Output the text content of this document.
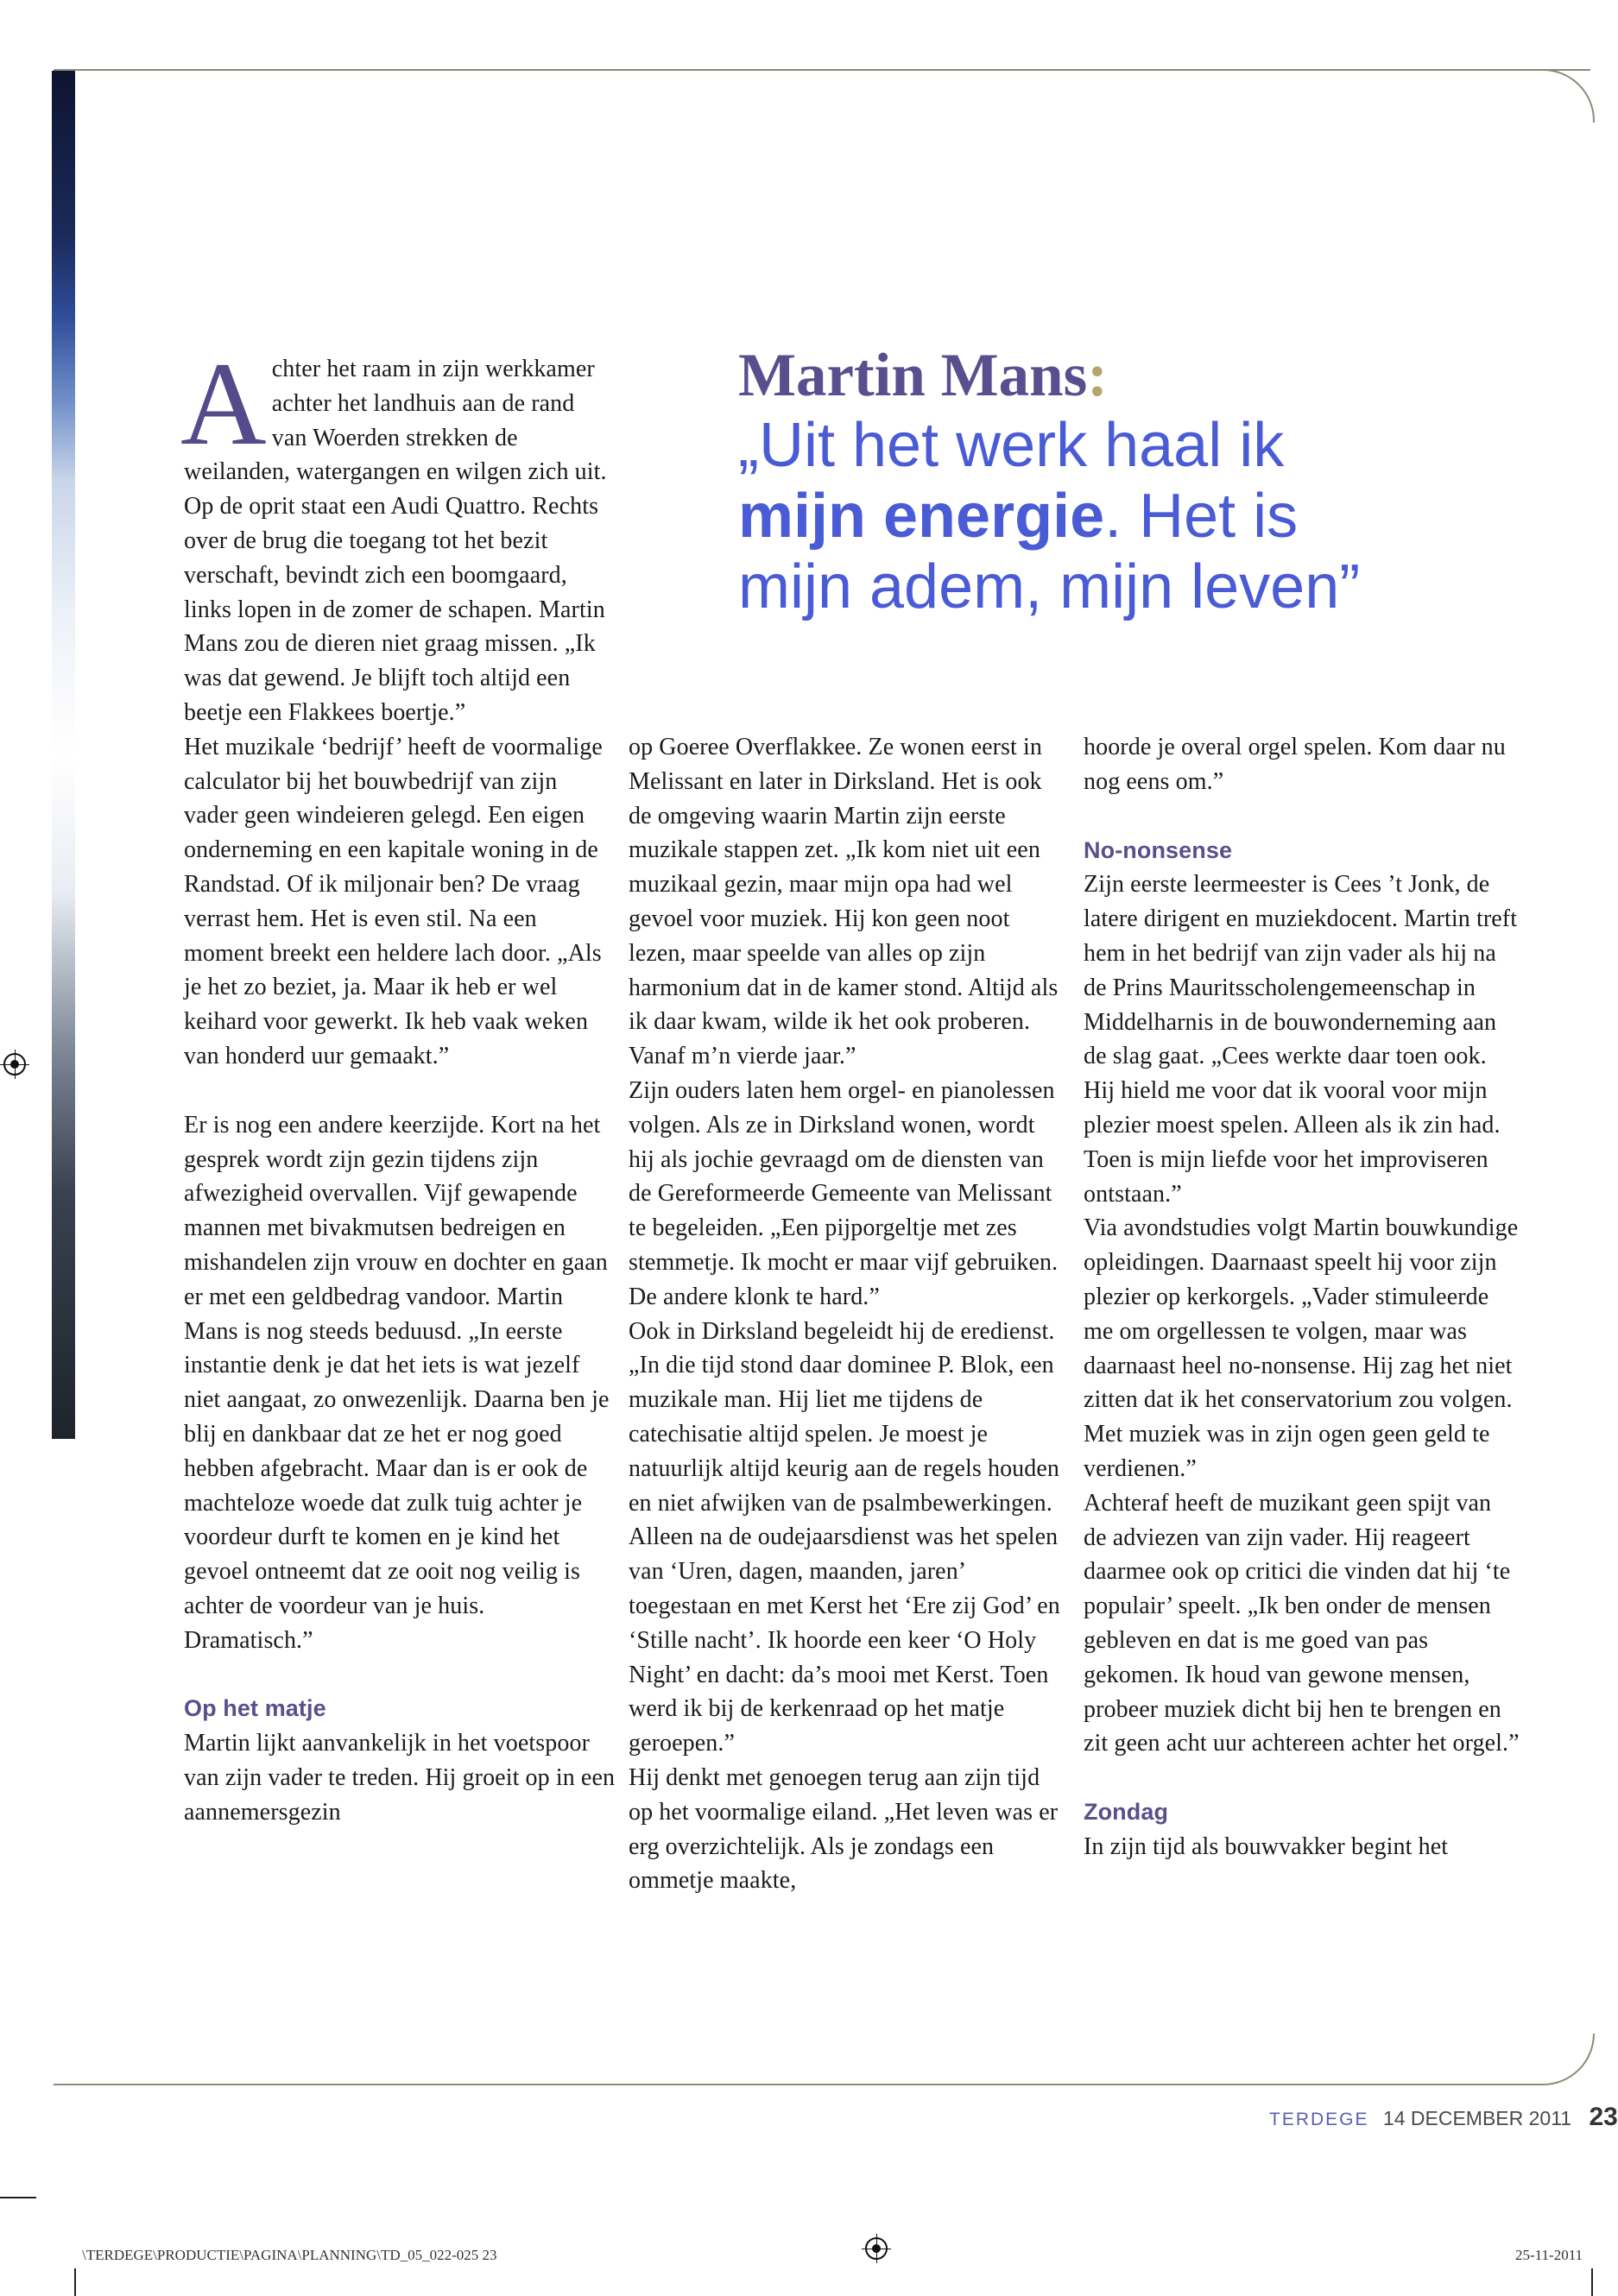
Martin Mans:
„Uit het werk haal ik
mijn energie. Het is
mijn adem, mijn leven”

Achter het raam in zijn werkkamer achter het landhuis aan de rand van Woerden strekken de weilanden, watergangen en wilgen zich uit. Op de oprit staat een Audi Quattro. Rechts over de brug die toegang tot het bezit verschaft, bevindt zich een boomgaard, links lopen in de zomer de schapen. Martin Mans zou de dieren niet graag missen. „Ik was dat gewend. Je blijft toch altijd een beetje een Flakkees boertje.”

Het muzikale ‘bedrijf’ heeft de voormalige calculator bij het bouwbedrijf van zijn vader geen windeieren gelegd. Een eigen onderneming en een kapitale woning in de Randstad. Of ik miljonair ben? De vraag verrast hem. Het is even stil. Na een moment breekt een heldere lach door. „Als je het zo beziet, ja. Maar ik heb er wel keihard voor gewerkt. Ik heb vaak weken van honderd uur gemaakt.”

Er is nog een andere keerzijde. Kort na het gesprek wordt zijn gezin tijdens zijn afwezigheid overvallen. Vijf gewapende mannen met bivakmutsen bedreigen en mishandelen zijn vrouw en dochter en gaan er met een geldbedrag vandoor. Martin Mans is nog steeds beduusd. „In eerste instantie denk je dat het iets is wat jezelf niet aangaat, zo onwezenlijk. Daarna ben je blij en dankbaar dat ze het er nog goed hebben afgebracht. Maar dan is er ook de machteloze woede dat zulk tuig achter je voordeur durft te komen en je kind het gevoel ontneemt dat ze ooit nog veilig is achter de voordeur van je huis. Dramatisch.”

Op het matje

Martin lijkt aanvankelijk in het voetspoor van zijn vader te treden. Hij groeit op in een aannemersgezin

op Goeree Overflakkee. Ze wonen eerst in Melissant en later in Dirksland. Het is ook de omgeving waarin Martin zijn eerste muzikale stappen zet. „Ik kom niet uit een muzikaal gezin, maar mijn opa had wel gevoel voor muziek. Hij kon geen noot lezen, maar speelde van alles op zijn harmonium dat in de kamer stond. Altijd als ik daar kwam, wilde ik het ook proberen. Vanaf m’n vierde jaar.”

Zijn ouders laten hem orgel- en pianolessen volgen. Als ze in Dirksland wonen, wordt hij als jochie gevraagd om de diensten van de Gereformeerde Gemeente van Melissant te begeleiden. „Een pijporgeltje met zes stemmetje. Ik mocht er maar vijf gebruiken. De andere klonk te hard.”

Ook in Dirksland begeleidt hij de eredienst. „In die tijd stond daar dominee P. Blok, een muzikale man. Hij liet me tijdens de catechisatie altijd spelen. Je moest je natuurlijk altijd keurig aan de regels houden en niet afwijken van de psalmbewerkingen. Alleen na de oudejaarsdienst was het spelen van ‘Uren, dagen, maanden, jaren’ toegestaan en met Kerst het ‘Ere zij God’ en ‘Stille nacht’. Ik hoorde een keer ‘O Holy Night’ en dacht: da’s mooi met Kerst. Toen werd ik bij de kerkenraad op het matje geroepen.”

Hij denkt met genoegen terug aan zijn tijd op het voormalige eiland. „Het leven was er erg overzichtelijk. Als je zondags een ommetje maakte,

hoorde je overal orgel spelen. Kom daar nu nog eens om.”

No-nonsense

Zijn eerste leermeester is Cees ’t Jonk, de latere dirigent en muziekdocent. Martin treft hem in het bedrijf van zijn vader als hij na de Prins Mauritsscholengemeenschap in Middelharnis in de bouwonderneming aan de slag gaat. „Cees werkte daar toen ook. Hij hield me voor dat ik vooral voor mijn plezier moest spelen. Alleen als ik zin had. Toen is mijn liefde voor het improviseren ontstaan.”

Via avondstudies volgt Martin bouwkundige opleidingen. Daarnaast speelt hij voor zijn plezier op kerkorgels. „Vader stimuleerde me om orgellessen te volgen, maar was daarnaast heel no-nonsense. Hij zag het niet zitten dat ik het conservatorium zou volgen. Met muziek was in zijn ogen geen geld te verdienen.”

Achteraf heeft de muzikant geen spijt van de adviezen van zijn vader. Hij reageert daarmee ook op critici die vinden dat hij ‘te populair’ speelt. „Ik ben onder de mensen gebleven en dat is me goed van pas gekomen. Ik houd van gewone mensen, probeer muziek dicht bij hen te brengen en zit geen acht uur achtereen achter het orgel.”

Zondag

In zijn tijd als bouwvakker begint het

TERDEGE 14 DECEMBER 2011 23
\TERDEGE\PRODUCTIE\PAGINA\PLANNING\TD_05_022-025 23	25-11-2011
